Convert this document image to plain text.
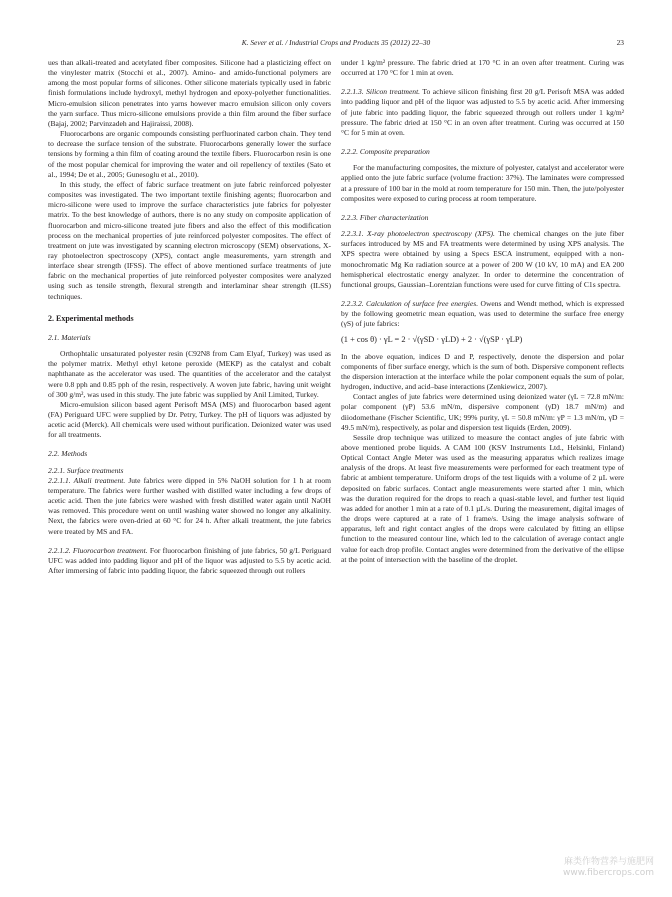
K. Sever et al. / Industrial Crops and Products 35 (2012) 22–30	23

ues than alkali-treated and acetylated fiber composites. Silicone had a plasticizing effect on the vinylester matrix (Stocchi et al., 2007). Amino- and amido-functional polymers are among the most popular forms of silicones. Other silicone materials typically used in fabric finish formulations include hydroxyl, methyl hydrogen and epoxy-polyether functionalities. Micro-emulsion silicon penetrates into yarns however macro emulsion silicon only covers the yarn surface. Thus micro-silicone emulsions provide a thin film around the fiber surface (Bajaj, 2002; Parvinzadeh and Hajiraissi, 2008).

Fluorocarbons are organic compounds consisting perfluorinated carbon chain. They tend to decrease the surface tension of the substrate. Fluorocarbons generally lower the surface tensions by forming a thin film of coating around the textile fibers. Fluorocarbon resin is one of the most popular chemical for improving the water and oil repellency of textiles (Sato et al., 1994; De et al., 2005; Gunesoglu et al., 2010).

In this study, the effect of fabric surface treatment on jute fabric reinforced polyester composites was investigated. The two important textile finishing agents; fluorocarbon and micro-silicone were used to improve the surface characteristics jute fabrics for polyester matrix. To the best knowledge of authors, there is no any study on composite application of fluorocarbon and micro-silicone treated jute fibers and also the effect of this modification process on the mechanical properties of jute reinforced polyester composites. The effect of treatment on jute was investigated by scanning electron microscopy (SEM) observations, X-ray photoelectron spectroscopy (XPS), contact angle measurements, yarn strength and interface shear strength (IFSS). The effect of above mentioned surface treatments of jute fabric on the mechanical properties of jute reinforced polyester composites were analyzed using such as tensile strength, flexural strength and interlaminar shear strength (ILSS) techniques.

2. Experimental methods
2.1. Materials

Orthophtalic unsaturated polyester resin (C92N8 from Cam Elyaf, Turkey) was used as the polymer matrix. Methyl ethyl ketone peroxide (MEKP) as the catalyst and cobalt naphthanate as the accelerator was used. The quantities of the accelerator and the catalyst were 0.8 pph and 0.85 pph of the resin, respectively. A woven jute fabric, having unit weight of 300 g/m², was used in this study. The jute fabric was supplied by Anil Limited, Turkey.

Micro-emulsion silicon based agent Perisoft MSA (MS) and fluorocarbon based agent (FA) Periguard UFC were supplied by Dr. Petry, Turkey. The pH of liquors was adjusted by acetic acid (Merck). All chemicals were used without purification. Deionized water was used for all treatments.

2.2. Methods
2.2.1. Surface treatments

2.2.1.1. Alkali treatment. Jute fabrics were dipped in 5% NaOH solution for 1 h at room temperature. The fabrics were further washed with distilled water including a few drops of acetic acid. Then the jute fabrics were washed with fresh distilled water again until NaOH was removed. This procedure went on until washing water showed no longer any alkalinity. Next, the fabrics were oven-dried at 60 °C for 24 h. After alkali treatment, the jute fabrics were treated by MS and FA.

2.2.1.2. Fluorocarbon treatment. For fluorocarbon finishing of jute fabrics, 50 g/L Periguard UFC was added into padding liquor and pH of the liquor was adjusted to 5.5 by acetic acid. After immersing of fabric into padding liquor, the fabric squeezed through out rollers

under 1 kg/m² pressure. The fabric dried at 170 °C in an oven after treatment. Curing was occurred at 170 °C for 1 min at oven.

2.2.1.3. Silicon treatment. To achieve silicon finishing first 20 g/L Perisoft MSA was added into padding liquor and pH of the liquor was adjusted to 5.5 by acetic acid. After immersing of jute fabric into padding liquor, the fabric squeezed through out rollers under 1 kg/m² pressure. The fabric dried at 150 °C in an oven after treatment. Curing was occurred at 150 °C for 5 min at oven.

2.2.2. Composite preparation

For the manufacturing composites, the mixture of polyester, catalyst and accelerator were applied onto the jute fabric surface (volume fraction: 37%). The laminates were compressed at a pressure of 100 bar in the mold at room temperature for 150 min. Then, the jute/polyester composites were exposed to curing process at room temperature.

2.2.3. Fiber characterization

2.2.3.1. X-ray photoelectron spectroscopy (XPS). The chemical changes on the jute fiber surfaces introduced by MS and FA treatments were determined by using XPS analysis. The XPS spectra were obtained by using a Specs ESCA instrument, equipped with a non-monochromatic Mg Kα radiation source at a power of 200 W (10 kV, 10 mA) and EA 200 hemispherical electrostatic energy analyzer. In order to determine the concentration of functional groups, Gaussian–Lorentzian functions were used for curve fitting of C1s spectra.

2.2.3.2. Calculation of surface free energies. Owens and Wendt method, which is expressed by the following geometric mean equation, was used to determine the surface free energy (γS) of jute fabrics:

(1 + cos θ) · γL = 2 · √(γSD · γLD) + 2 · √(γSP · γLP)

In the above equation, indices D and P, respectively, denote the dispersion and polar components of fiber surface energy, which is the sum of both. Dispersive component reflects the dispersion interaction at the interface while the polar component equals the sum of polar, hydrogen, inductive, and acid–base interactions (Zenkiewicz, 2007).

Contact angles of jute fabrics were determined using deionized water (γL = 72.8 mN/m: polar component (γP) 53.6 mN/m, dispersive component (γD) 18.7 mN/m) and diiodomethane (Fischer Scientific, UK; 99% purity, γL = 50.8 mN/m: γP = 1.3 mN/m, γD = 49.5 mN/m), respectively, as polar and dispersion test liquids (Erden, 2009).

Sessile drop technique was utilized to measure the contact angles of jute fabric with above mentioned probe liquids. A CAM 100 (KSV Instruments Ltd., Helsinki, Finland) Optical Contact Angle Meter was used as the measuring apparatus which realizes image analysis of the drops. At least five measurements were performed for each treatment type of fabric at ambient temperature. Uniform drops of the test liquids with a volume of 2 µL were deposited on fabric surfaces. Contact angle measurements were started after 1 min, which was the duration required for the drops to reach a quasi-stable level, and further test liquid was added for another 1 min at a rate of 0.1 µL/s. During the measurement, digital images of the drops were captured at a rate of 1 frame/s. Using the image analysis software of apparatus, left and right contact angles of the drops were calculated by fitting an ellipse function to the measured contour line, which led to the calculation of average contact angle value for each drop profile. Contact angles were determined from the derivative of the ellipse at the point of intersection with the baseline of the droplet.

麻类作物营养与施肥网
www.fibercrops.com
